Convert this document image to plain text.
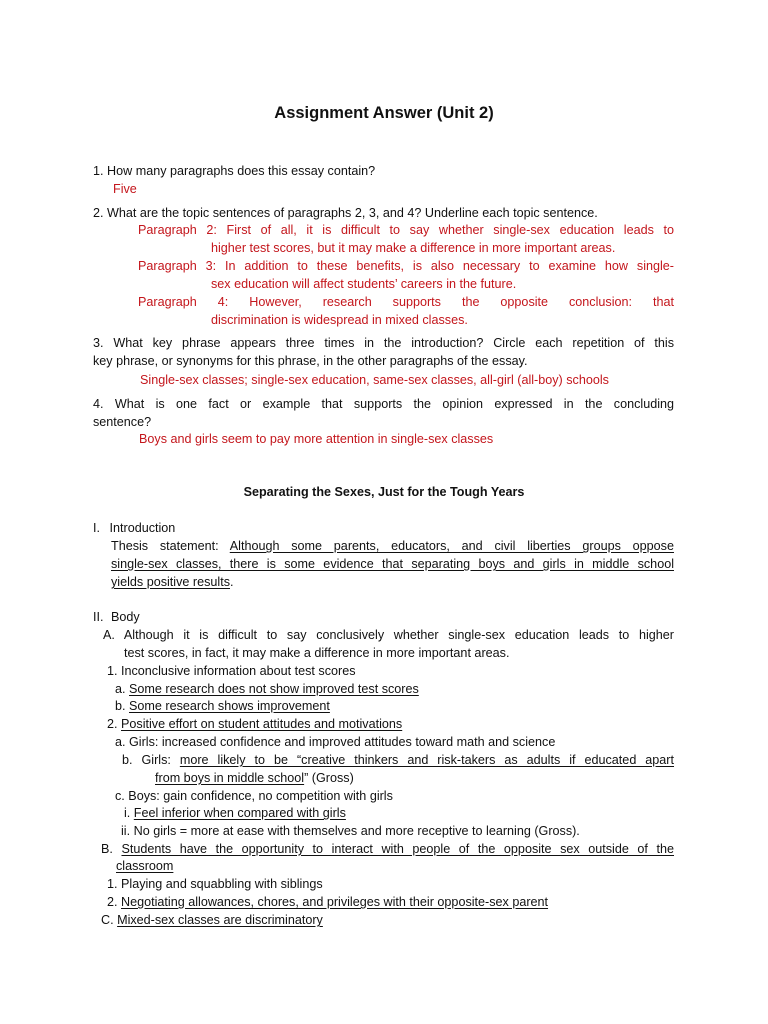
Assignment Answer (Unit 2)
1. How many paragraphs does this essay contain?
Five
2. What are the topic sentences of paragraphs 2, 3, and 4? Underline each topic sentence.
Paragraph 2: First of all, it is difficult to say whether single-sex education leads to
higher test scores, but it may make a difference in more important areas.
Paragraph 3: In addition to these benefits, is also necessary to examine how single-
sex education will affect students’ careers in the future.
Paragraph 4: However, research supports the opposite conclusion: that
discrimination is widespread in mixed classes.
3. What key phrase appears three times in the introduction? Circle each repetition of this
key phrase, or synonyms for this phrase, in the other paragraphs of the essay.
Single-sex classes; single-sex education, same-sex classes, all-girl (all-boy) schools
4. What is one fact or example that supports the opinion expressed in the concluding
sentence?
Boys and girls seem to pay more attention in single-sex classes
Separating the Sexes, Just for the Tough Years
I. Introduction
Thesis statement: Although some parents, educators, and civil liberties groups oppose
single-sex classes, there is some evidence that separating boys and girls in middle school
yields positive results.
II. Body
A. Although it is difficult to say conclusively whether single-sex education leads to higher
test scores, in fact, it may make a difference in more important areas.
1. Inconclusive information about test scores
a. Some research does not show improved test scores
b. Some research shows improvement
2. Positive effort on student attitudes and motivations
a. Girls: increased confidence and improved attitudes toward math and science
b. Girls: more likely to be “creative thinkers and risk-takers as adults if educated apart
from boys in middle school” (Gross)
c. Boys: gain confidence, no competition with girls
i. Feel inferior when compared with girls
ii. No girls = more at ease with themselves and more receptive to learning (Gross).
B. Students have the opportunity to interact with people of the opposite sex outside of the
classroom
1. Playing and squabbling with siblings
2. Negotiating allowances, chores, and privileges with their opposite-sex parent
C. Mixed-sex classes are discriminatory
